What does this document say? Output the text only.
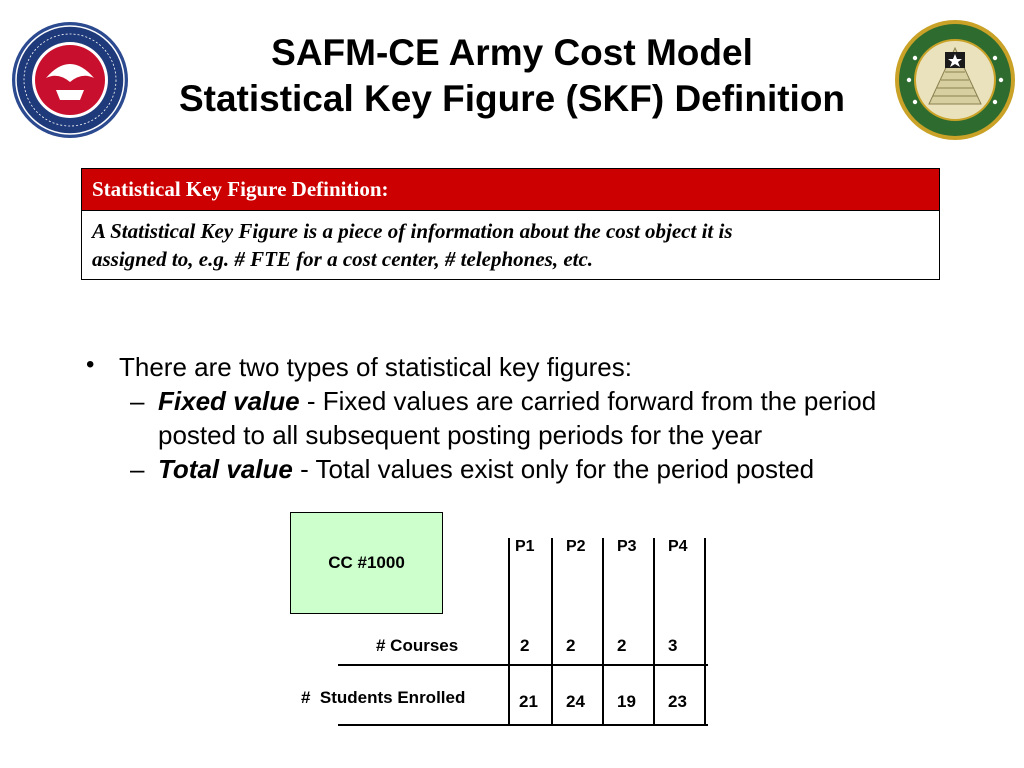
SAFM-CE Army Cost Model
Statistical Key Figure (SKF) Definition
Statistical Key Figure Definition:
A Statistical Key Figure is a piece of information about the cost object it is
assigned to, e.g. # FTE for a cost center, # telephones, etc.
• There are two types of statistical key figures:
– Fixed value - Fixed values are carried forward from the period
posted to all subsequent posting periods for the year
– Total value - Total values exist only for the period posted
CC #1000
P1 P2 P3 P4
# Courses	2 2 2 3
#  Students Enrolled	21 24 19 23
